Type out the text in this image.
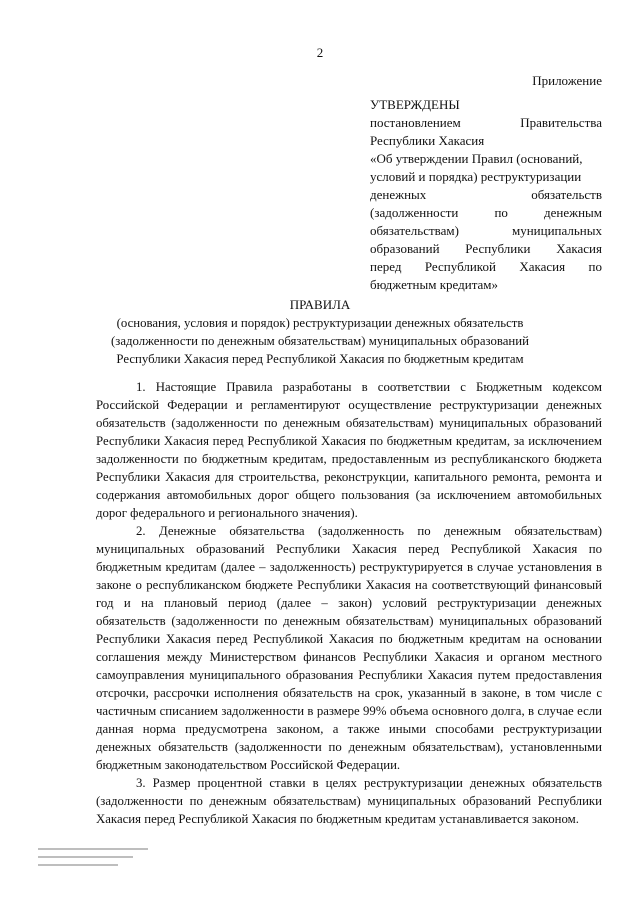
2
Приложение
УТВЕРЖДЕНЫ
постановлением Правительства
Республики Хакасия
«Об утверждении Правил (оснований,
условий и порядка) реструктуризации
денежных обязательств
(задолженности по денежным
обязательствам) муниципальных
образований Республики Хакасия
перед Республикой Хакасия по
бюджетным кредитам»
ПРАВИЛА
(основания, условия и порядок) реструктуризации денежных обязательств
(задолженности по денежным обязательствам) муниципальных образований
Республики Хакасия перед Республикой Хакасия по бюджетным кредитам

1. Настоящие Правила разработаны в соответствии с Бюджетным кодексом Российской Федерации и регламентируют осуществление реструктуризации денежных обязательств (задолженности по денежным обязательствам) муниципальных образований Республики Хакасия перед Республикой Хакасия по бюджетным кредитам, за исключением задолженности по бюджетным кредитам, предоставленным из республиканского бюджета Республики Хакасия для строительства, реконструкции, капитального ремонта, ремонта и содержания автомобильных дорог общего пользования (за исключением автомобильных дорог федерального и регионального значения).

2. Денежные обязательства (задолженность по денежным обязательствам) муниципальных образований Республики Хакасия перед Республикой Хакасия по бюджетным кредитам (далее – задолженность) реструктурируется в случае установления в законе о республиканском бюджете Республики Хакасия на соответствующий финансовый год и на плановый период (далее – закон) условий реструктуризации денежных обязательств (задолженности по денежным обязательствам) муниципальных образований Республики Хакасия перед Республикой Хакасия по бюджетным кредитам на основании соглашения между Министерством финансов Республики Хакасия и органом местного самоуправления муниципального образования Республики Хакасия путем предоставления отсрочки, рассрочки исполнения обязательств на срок, указанный в законе, в том числе с частичным списанием задолженности в размере 99% объема основного долга, в случае если данная норма предусмотрена законом, а также иными способами реструктуризации денежных обязательств (задолженности по денежным обязательствам), установленными бюджетным законодательством Российской Федерации.

3. Размер процентной ставки в целях реструктуризации денежных обязательств (задолженности по денежным обязательствам) муниципальных образований Республики Хакасия перед Республикой Хакасия по бюджетным кредитам устанавливается законом.
